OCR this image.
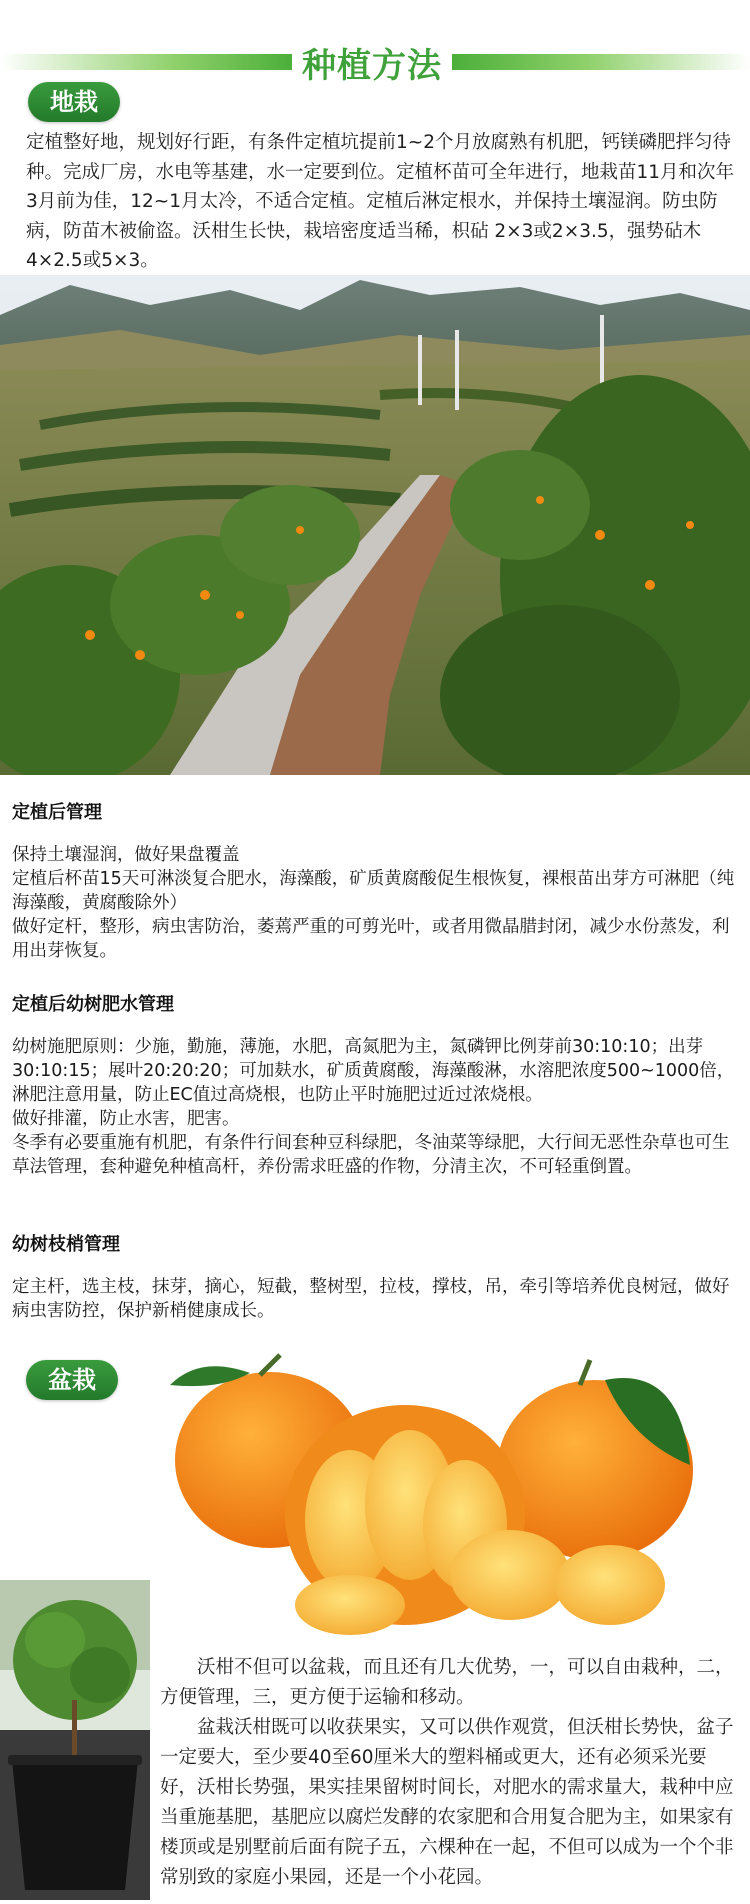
种植方法
地栽
定植整好地，规划好行距，有条件定植坑提前1~2个月放腐熟有机肥，钙镁磷肥拌匀待种。完成厂房，水电等基建，水一定要到位。定植杯苗可全年进行，地栽苗11月和次年3月前为佳，12~1月太冷，不适合定植。定植后淋定根水，并保持土壤湿润。防虫防病，防苗木被偷盗。沃柑生长快，栽培密度适当稀，枳砧 2×3或2×3.5，强势砧木 4×2.5或5×3。
定植后管理
保持土壤湿润，做好果盘覆盖
定植后杯苗15天可淋淡复合肥水，海藻酸，矿质黄腐酸促生根恢复，裸根苗出芽方可淋肥（纯海藻酸，黄腐酸除外）
做好定杆，整形，病虫害防治，萎蔫严重的可剪光叶，或者用微晶腊封闭，减少水份蒸发，利用出芽恢复。
定植后幼树肥水管理
幼树施肥原则：少施，勤施，薄施，水肥，高氮肥为主，氮磷钾比例芽前30:10:10；出芽30:10:15；展叶20:20:20；可加麸水，矿质黄腐酸，海藻酸淋，水溶肥浓度500~1000倍，淋肥注意用量，防止EC值过高烧根，也防止平时施肥过近过浓烧根。
做好排灌，防止水害，肥害。
冬季有必要重施有机肥，有条件行间套种豆科绿肥，冬油菜等绿肥，大行间无恶性杂草也可生草法管理，套种避免种植高杆，养份需求旺盛的作物，分清主次，不可轻重倒置。
幼树枝梢管理
定主杆，选主枝，抹芽，摘心，短截，整树型，拉枝，撑枝，吊，牵引等培养优良树冠，做好病虫害防控，保护新梢健康成长。
盆栽
沃柑不但可以盆栽，而且还有几大优势，一，可以自由栽种，二，方便管理，三，更方便于运输和移动。
盆栽沃柑既可以收获果实，又可以供作观赏，但沃柑长势快，盆子一定要大，至少要40至60厘米大的塑料桶或更大，还有必须采光要好，沃柑长势强，果实挂果留树时间长，对肥水的需求量大，栽种中应当重施基肥，基肥应以腐烂发酵的农家肥和合用复合肥为主，如果家有楼顶或是别墅前后面有院子五，六棵种在一起，不但可以成为一个个非常别致的家庭小果园，还是一个小花园。
